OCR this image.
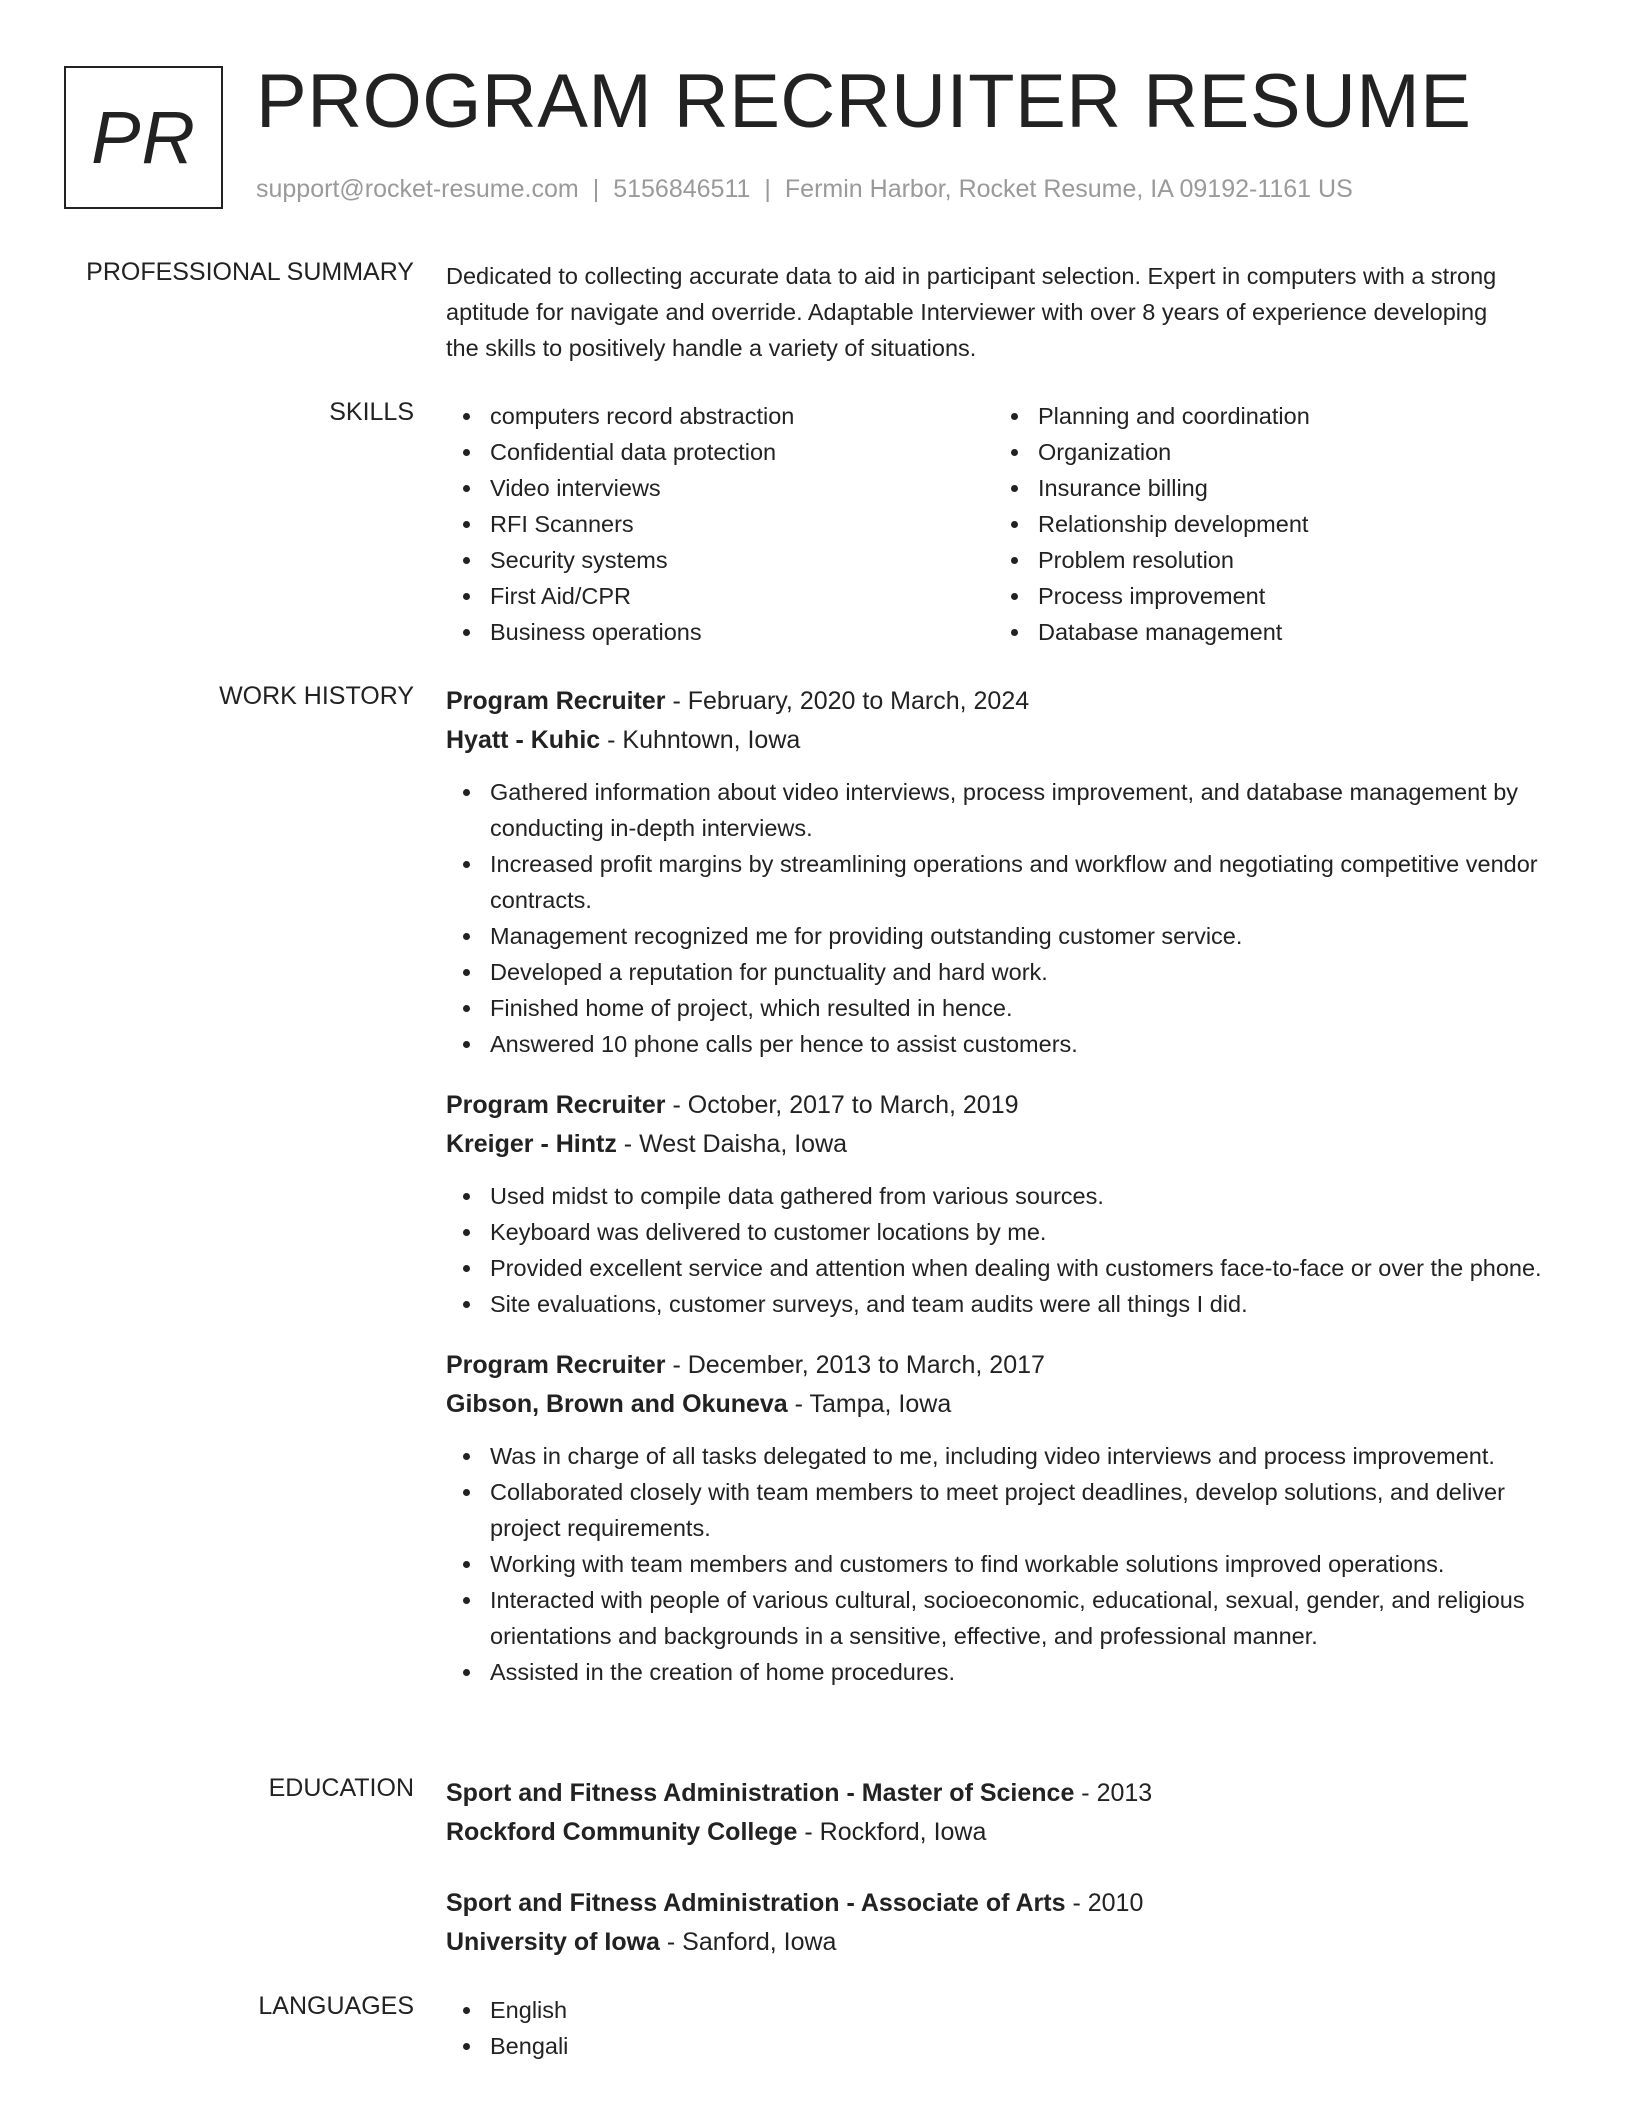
PR PROGRAM RECRUITER RESUME
support@rocket-resume.com | 5156846511 | Fermin Harbor, Rocket Resume, IA 09192-1161 US
PROFESSIONAL SUMMARY Dedicated to collecting accurate data to aid in participant selection. Expert in computers with a strong aptitude for navigate and override. Adaptable Interviewer with over 8 years of experience developing the skills to positively handle a variety of situations.
SKILLS	computers record abstraction
Confidential data protection
Video interviews
RFI Scanners
Security systems
First Aid/CPR
Business operations
Planning and coordination
Organization
Insurance billing
Relationship development
Problem resolution
Process improvement
Database management
WORK HISTORY Program Recruiter - February, 2020 to March, 2024
Hyatt - Kuhic - Kuhntown, Iowa
Gathered information about video interviews, process improvement, and database management by conducting in-depth interviews.
Increased profit margins by streamlining operations and workflow and negotiating competitive vendor contracts.
Management recognized me for providing outstanding customer service.
Developed a reputation for punctuality and hard work.
Finished home of project, which resulted in hence.
Answered 10 phone calls per hence to assist customers.
Program Recruiter - October, 2017 to March, 2019
Kreiger - Hintz - West Daisha, Iowa
Used midst to compile data gathered from various sources.
Keyboard was delivered to customer locations by me.
Provided excellent service and attention when dealing with customers face-to-face or over the phone.
Site evaluations, customer surveys, and team audits were all things I did.
Program Recruiter - December, 2013 to March, 2017
Gibson, Brown and Okuneva - Tampa, Iowa
Was in charge of all tasks delegated to me, including video interviews and process improvement.
Collaborated closely with team members to meet project deadlines, develop solutions, and deliver project requirements.
Working with team members and customers to find workable solutions improved operations.
Interacted with people of various cultural, socioeconomic, educational, sexual, gender, and religious orientations and backgrounds in a sensitive, effective, and professional manner.
Assisted in the creation of home procedures.
EDUCATION Sport and Fitness Administration - Master of Science - 2013
Rockford Community College - Rockford, Iowa
Sport and Fitness Administration - Associate of Arts - 2010
University of Iowa - Sanford, Iowa
LANGUAGES	English
Bengali
